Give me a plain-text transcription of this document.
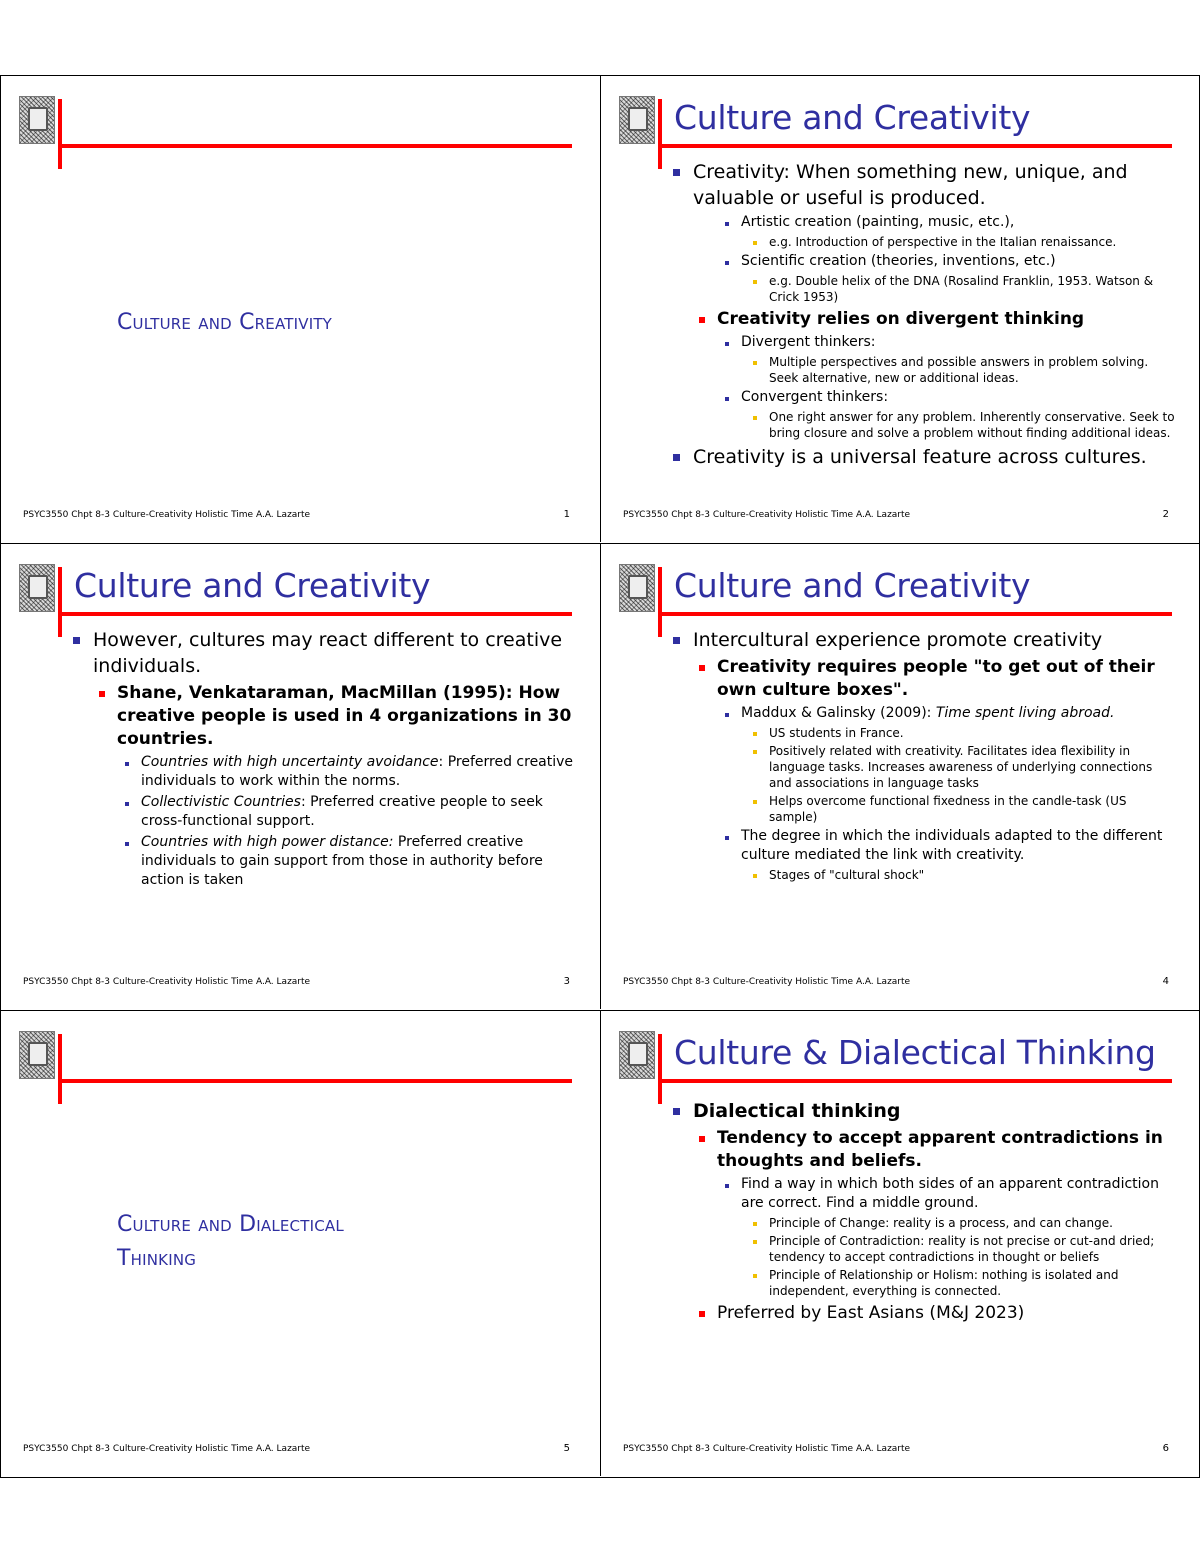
Culture and Creativity
PSYC3550 Chpt 8-3 Culture-Creativity Holistic Time A.A. Lazarte	1
Culture and Creativity
Creativity: When something new, unique, and valuable or useful is produced.
Artistic creation (painting, music, etc.),
e.g. Introduction of perspective in the Italian renaissance.
Scientific creation (theories, inventions, etc.)
e.g. Double helix of the DNA (Rosalind Franklin, 1953. Watson & Crick 1953)
Creativity relies on divergent thinking
Divergent thinkers:
Multiple perspectives and possible answers in problem solving. Seek alternative, new or additional ideas.
Convergent thinkers:
One right answer for any problem. Inherently conservative. Seek to bring closure and solve a problem without finding additional ideas.
Creativity is a universal feature across cultures.
PSYC3550 Chpt 8-3 Culture-Creativity Holistic Time A.A. Lazarte	2
Culture and Creativity
However, cultures may react different to creative individuals.
Shane, Venkataraman, MacMillan (1995): How creative people is used in 4 organizations in 30 countries.
Countries with high uncertainty avoidance: Preferred creative individuals to work within the norms.
Collectivistic Countries: Preferred creative people to seek cross-functional support.
Countries with high power distance: Preferred creative individuals to gain support from those in authority before action is taken
PSYC3550 Chpt 8-3 Culture-Creativity Holistic Time A.A. Lazarte	3
Culture and Creativity
Intercultural experience promote creativity
Creativity requires people "to get out of their own culture boxes".
Maddux & Galinsky (2009): Time spent living abroad.
US students in France.
Positively related with creativity. Facilitates idea flexibility in language tasks. Increases awareness of underlying connections and associations in language tasks
Helps overcome functional fixedness in the candle-task (US sample)
The degree in which the individuals adapted to the different culture mediated the link with creativity.
Stages of "cultural shock"
PSYC3550 Chpt 8-3 Culture-Creativity Holistic Time A.A. Lazarte	4
Culture and Dialectical
Thinking
PSYC3550 Chpt 8-3 Culture-Creativity Holistic Time A.A. Lazarte	5
Culture & Dialectical Thinking
Dialectical thinking
Tendency to accept apparent contradictions in thoughts and beliefs.
Find a way in which both sides of an apparent contradiction are correct. Find a middle ground.
Principle of Change: reality is a process, and can change.
Principle of Contradiction: reality is not precise or cut-and dried; tendency to accept contradictions in thought or beliefs
Principle of Relationship or Holism: nothing is isolated and independent, everything is connected.
Preferred by East Asians (M&J 2023)
PSYC3550 Chpt 8-3 Culture-Creativity Holistic Time A.A. Lazarte	6
